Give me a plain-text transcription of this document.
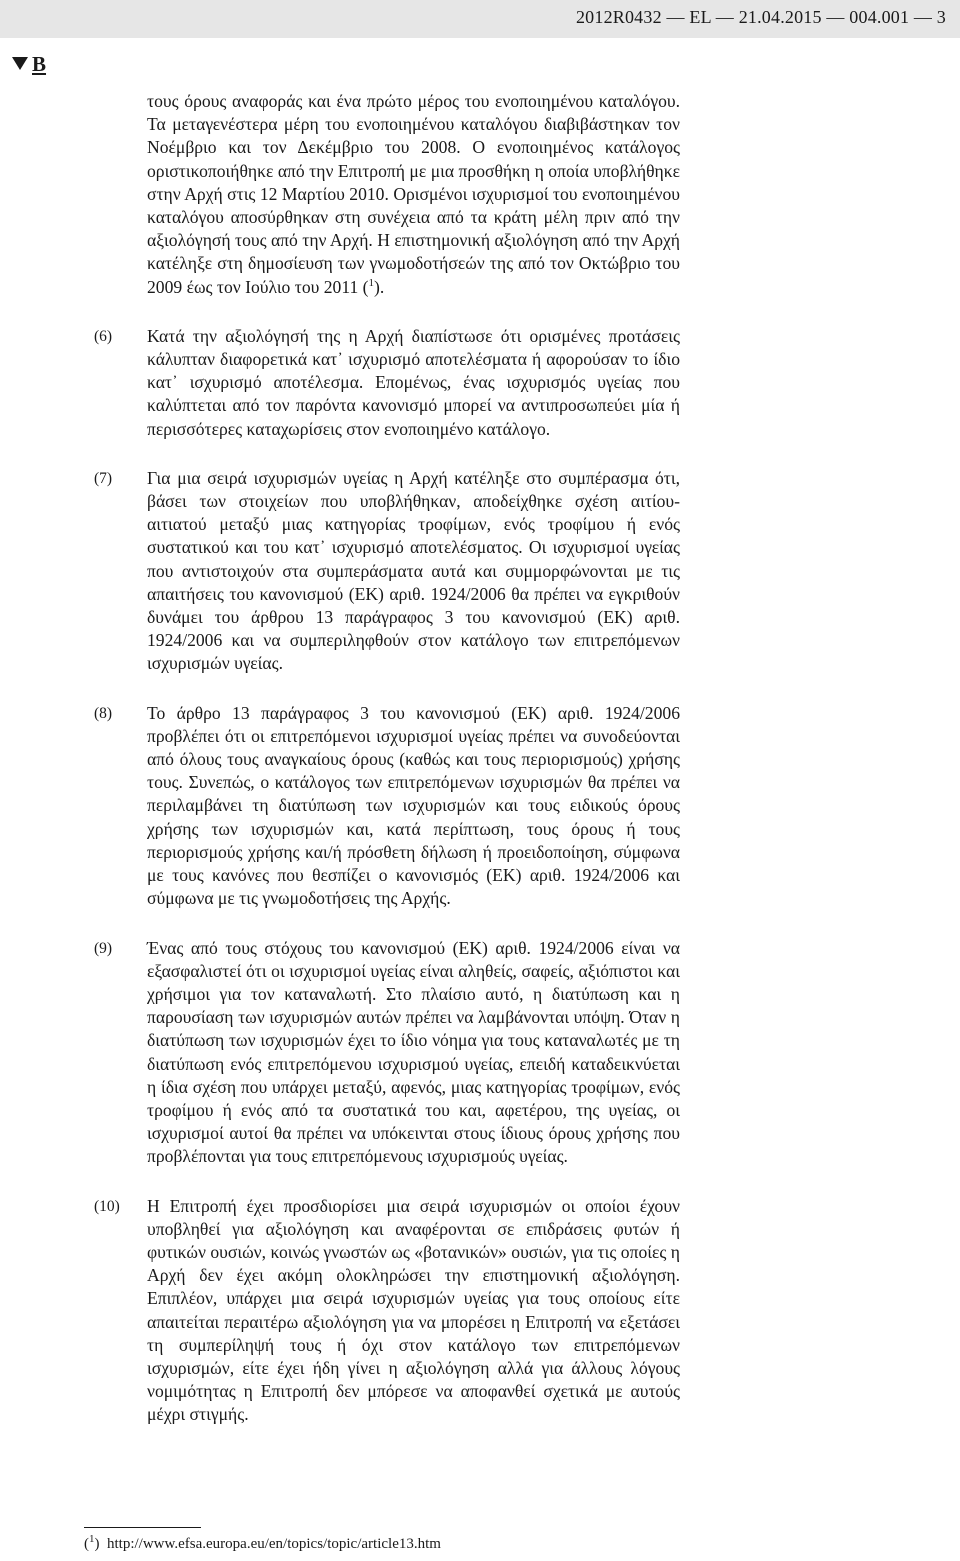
2012R0432 — EL — 21.04.2015 — 004.001 — 3
B
τους όρους αναφοράς και ένα πρώτο μέρος του ενοποιημένου καταλόγου. Τα μεταγενέστερα μέρη του ενοποιημένου καταλόγου διαβιβάστηκαν τον Νοέμβριο και τον Δεκέμβριο του 2008. Ο ενοποιημένος κατάλογος οριστικοποιήθηκε από την Επιτροπή με μια προσθήκη η οποία υποβλήθηκε στην Αρχή στις 12 Μαρτίου 2010. Ορισμένοι ισχυρισμοί του ενοποιημένου καταλόγου αποσύρθηκαν στη συνέχεια από τα κράτη μέλη πριν από την αξιολόγησή τους από την Αρχή. Η επιστημονική αξιολόγηση από την Αρχή κατέληξε στη δημοσίευση των γνωμοδοτήσεών της από τον Οκτώβριο του 2009 έως τον Ιούλιο του 2011 ($^1$).
(6) Κατά την αξιολόγησή της η Αρχή διαπίστωσε ότι ορισμένες προτάσεις κάλυπταν διαφορετικά κατ᾽ ισχυρισμό αποτελέσματα ή αφορούσαν το ίδιο κατ᾽ ισχυρισμό αποτέλεσμα. Επομένως, ένας ισχυρισμός υγείας που καλύπτεται από τον παρόντα κανονισμό μπορεί να αντιπροσωπεύει μία ή περισσότερες καταχωρίσεις στον ενοποιημένο κατάλογο.
(7) Για μια σειρά ισχυρισμών υγείας η Αρχή κατέληξε στο συμπέρασμα ότι, βάσει των στοιχείων που υποβλήθηκαν, αποδείχθηκε σχέση αιτίου-αιτιατού μεταξύ μιας κατηγορίας τροφίμων, ενός τροφίμου ή ενός συστατικού και του κατ᾽ ισχυρισμό αποτελέσματος. Οι ισχυρισμοί υγείας που αντιστοιχούν στα συμπεράσματα αυτά και συμμορφώνονται με τις απαιτήσεις του κανονισμού (ΕΚ) αριθ. 1924/2006 θα πρέπει να εγκριθούν δυνάμει του άρθρου 13 παράγραφος 3 του κανονισμού (ΕΚ) αριθ. 1924/2006 και να συμπεριληφθούν στον κατάλογο των επιτρεπόμενων ισχυρισμών υγείας.
(8) Το άρθρο 13 παράγραφος 3 του κανονισμού (ΕΚ) αριθ. 1924/2006 προβλέπει ότι οι επιτρεπόμενοι ισχυρισμοί υγείας πρέπει να συνοδεύονται από όλους τους αναγκαίους όρους (καθώς και τους περιορισμούς) χρήσης τους. Συνεπώς, ο κατάλογος των επιτρεπόμενων ισχυρισμών θα πρέπει να περιλαμβάνει τη διατύπωση των ισχυρισμών και τους ειδικούς όρους χρήσης των ισχυρισμών και, κατά περίπτωση, τους όρους ή τους περιορισμούς χρήσης και/ή πρόσθετη δήλωση ή προειδοποίηση, σύμφωνα με τους κανόνες που θεσπίζει ο κανονισμός (ΕΚ) αριθ. 1924/2006 και σύμφωνα με τις γνωμοδοτήσεις της Αρχής.
(9) Ένας από τους στόχους του κανονισμού (ΕΚ) αριθ. 1924/2006 είναι να εξασφαλιστεί ότι οι ισχυρισμοί υγείας είναι αληθείς, σαφείς, αξιόπιστοι και χρήσιμοι για τον καταναλωτή. Στο πλαίσιο αυτό, η διατύπωση και η παρουσίαση των ισχυρισμών αυτών πρέπει να λαμβάνονται υπόψη. Όταν η διατύπωση των ισχυρισμών έχει το ίδιο νόημα για τους καταναλωτές με τη διατύπωση ενός επιτρεπόμενου ισχυρισμού υγείας, επειδή καταδεικνύεται η ίδια σχέση που υπάρχει μεταξύ, αφενός, μιας κατηγορίας τροφίμων, ενός τροφίμου ή ενός από τα συστατικά του και, αφετέρου, της υγείας, οι ισχυρισμοί αυτοί θα πρέπει να υπόκεινται στους ίδιους όρους χρήσης που προβλέπονται για τους επιτρεπόμενους ισχυρισμούς υγείας.
(10) Η Επιτροπή έχει προσδιορίσει μια σειρά ισχυρισμών οι οποίοι έχουν υποβληθεί για αξιολόγηση και αναφέρονται σε επιδράσεις φυτών ή φυτικών ουσιών, κοινώς γνωστών ως «βοτανικών» ουσιών, για τις οποίες η Αρχή δεν έχει ακόμη ολοκληρώσει την επιστημονική αξιολόγηση. Επιπλέον, υπάρχει μια σειρά ισχυρισμών υγείας για τους οποίους είτε απαιτείται περαιτέρω αξιολόγηση για να μπορέσει η Επιτροπή να εξετάσει τη συμπερίληψή τους ή όχι στον κατάλογο των επιτρεπόμενων ισχυρισμών, είτε έχει ήδη γίνει η αξιολόγηση αλλά για άλλους λόγους νομιμότητας η Επιτροπή δεν μπόρεσε να αποφανθεί σχετικά με αυτούς μέχρι στιγμής.
($^1$)  http://www.efsa.europa.eu/en/topics/topic/article13.htm
